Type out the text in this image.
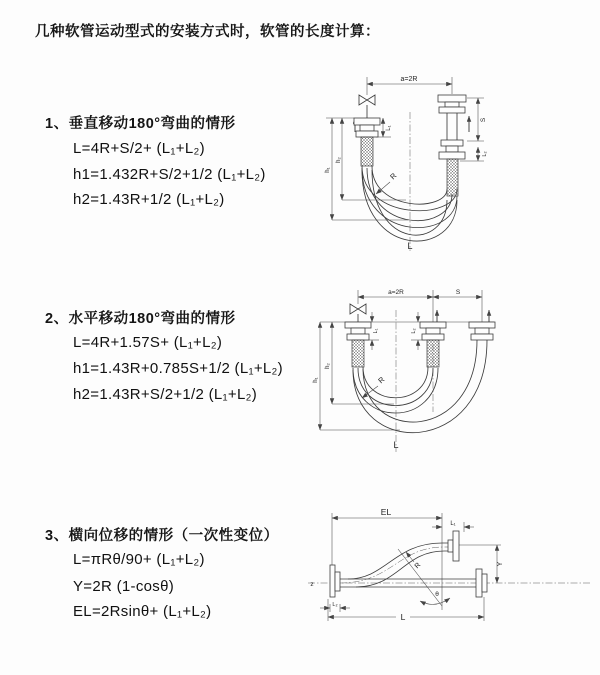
几种软管运动型式的安装方式时，软管的长度计算：
1、垂直移动180°弯曲的情形
L=4R+S/2+ (L₁+L₂)
h1=1.432R+S/2+1/2 (L₁+L₂)
h2=1.43R+1/2 (L₁+L₂)
2、水平移动180°弯曲的情形
L=4R+1.57S+ (L₁+L₂)
h1=1.43R+0.785S+1/2 (L₁+L₂)
h2=1.43R+S/2+1/2 (L₁+L₂)
3、横向位移的情形（一次性变位）
L=πRθ/90+ (L₁+L₂)
Y=2R (1-cosθ)
EL=2Rsinθ+ (L₁+L₂)
a=2R
L₁
h₁
h₂
S
L₂
R
L
a=2R	S
L₁	L₂
h₁
h₂
R
L
EL
L₁
Y
L₂
L
R
θ
z
